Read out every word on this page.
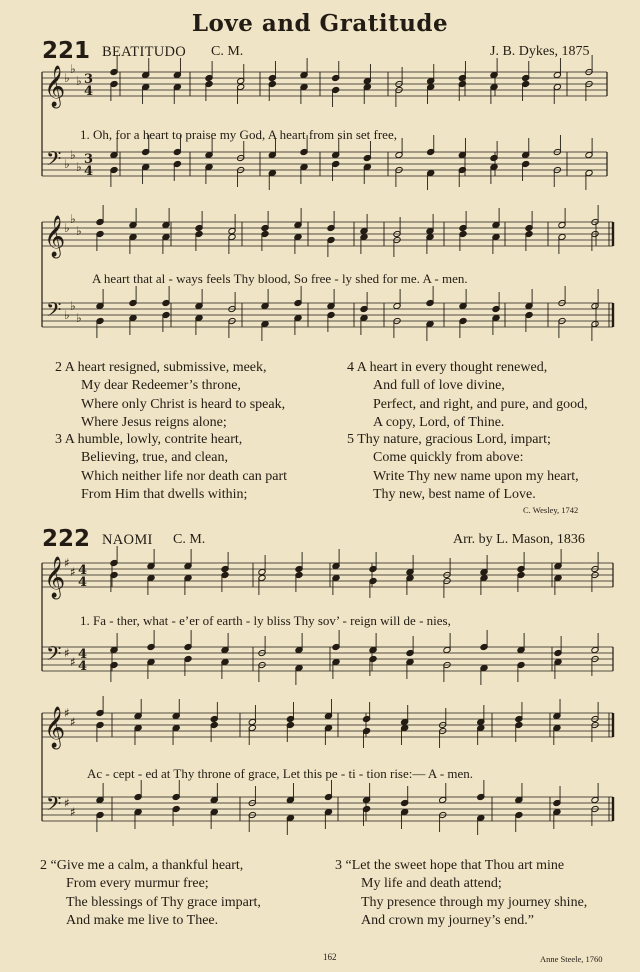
Love and Gratitude
221 BEATITUDO C. M.	J. B. Dykes, 1875
𝄞
𝄢
♭
♭
♭
♭
♭
♭
3
4
3
4
𝄞
𝄢
♭
♭
♭
♭
♭
♭
𝄞
𝄢
♯
♯
♯
♯
4
4
4
4
𝄞
𝄢
♯
♯
♯
♯
1. Oh, for a heart to praise my God, A heart from sin set free,
A heart that al - ways feels Thy blood, So free - ly shed for me. A - men.
2 A heart resigned, submissive, meek,
My dear Redeemer’s throne,
Where only Christ is heard to speak,
Where Jesus reigns alone;
3 A humble, lowly, contrite heart,
Believing, true, and clean,
Which neither life nor death can part
From Him that dwells within;
4 A heart in every thought renewed,
And full of love divine,
Perfect, and right, and pure, and good,
A copy, Lord, of Thine.
5 Thy nature, gracious Lord, impart;
Come quickly from above:
Write Thy new name upon my heart,
Thy new, best name of Love.
C. Wesley, 1742
222 NAOMI C. M.	Arr. by L. Mason, 1836
1. Fa - ther, what - e’er of earth - ly bliss Thy sov’ - reign will de - nies,
Ac - cept - ed at Thy throne of grace, Let this pe - ti - tion rise:— A - men.
2 “Give me a calm, a thankful heart,
From every murmur free;
The blessings of Thy grace impart,
And make me live to Thee.
3 “Let the sweet hope that Thou art mine
My life and death attend;
Thy presence through my journey shine,
And crown my journey’s end.”
Anne Steele, 1760
162
